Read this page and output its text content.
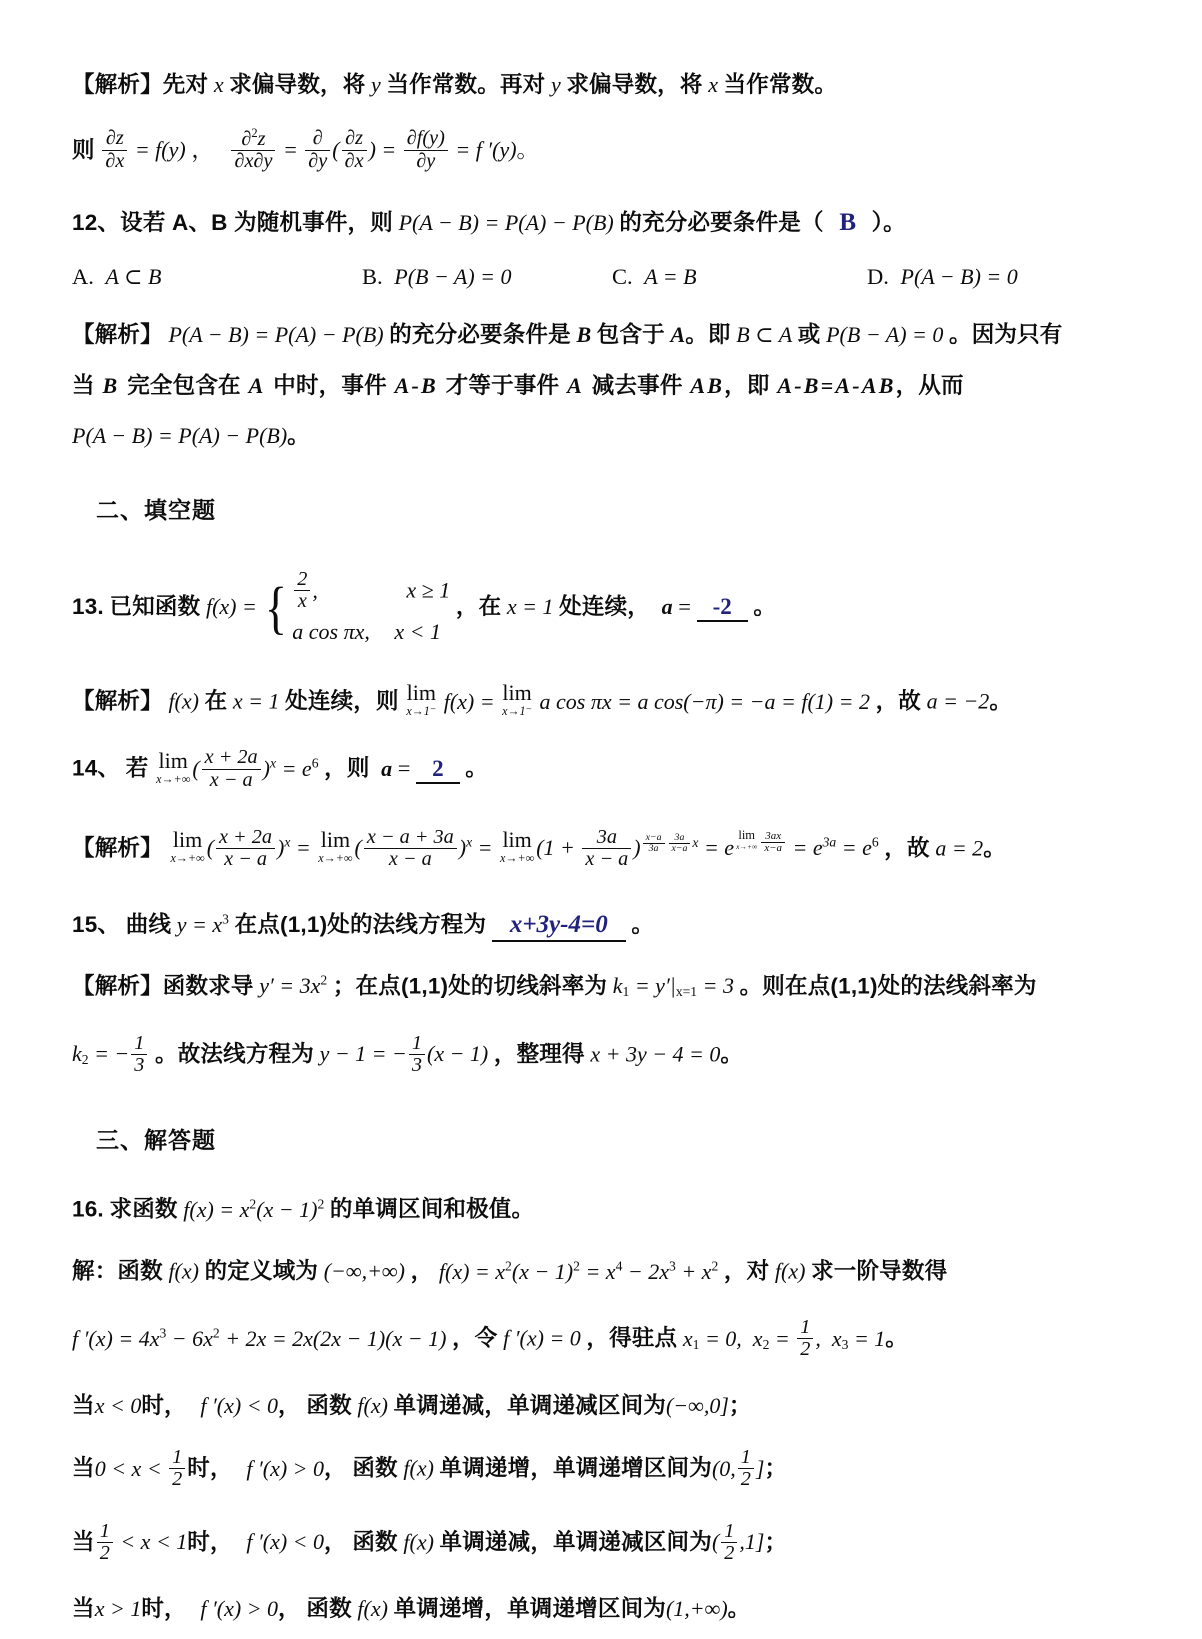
【解析】先对 x 求偏导数，将 y 当作常数。再对 y 求偏导数，将 x 当作常数。
则 $\frac{\partial z}{\partial x} = f(y)$ ， $\frac{\partial^2z}{\partial x\partial y} = \frac{\partial}{\partial y}$ ( $\frac{\partial z}{\partial x}$ ) = $\frac{\partial f(y)}{\partial y} = f$ ′(y)。
12、设若 A、B 为随机事件，则 P(A − B) = P(A) − P(B) 的充分必要条件是（ B ）。
A. A ⊂ B	B. P(B − A) = 0	C. A = B	D. P(A − B) = 0
【解析】 P(A − B) = P(A) − P(B) 的充分必要条件是 B 包含于 A。即 B ⊂ A 或 P(B − A) = 0 。因为只有
当 B 完全包含在 A 中时，事件 A-B 才等于事件 A 减去事件 AB，即 A-B=A-AB，从而
P(A − B) = P(A) − P(B)。
二、填空题
13. 已知函数 f(x) = { $\frac{2}{x}$ ,	x ≥ 1
a cos πx, x < 1
，在 x = 1 处连续， a = -2 。
【解析】 f(x) 在 x = 1 处连续，则 lim
x→1⁻ f(x) = lim
x→1⁻ a cos πx = a cos(−π) = −a = f(1) = 2 ，故 a = −2。
14、 若 lim
x→+∞ ( $\frac{x + 2a}{x - a} )^x = e^6$ ，则 a = 2 。
【解析】 lim
x→+∞ ( $\frac{x + 2a}{x - a} )^x = \lim$
x→+∞ ( $\frac{x - a + 3a}{x - a} )^x = \lim$
x→+∞ ($1 + \frac{3a}{x - a}$ ) $^{\frac{x-a}{3a} \frac{3a}{x-a} x}$ = e
$^{lim x\to+\infty \frac{3ax}{x-a}} = e^{3a} = e^6$ ，故 a = 2。
15、 曲线 $y = x^3$ 在点(1,1)处的法线方程为 x+3y-4=0 。
【解析】函数求导 $y' = 3x^2$ ；在点(1,1)处的切线斜率为 $k_1 = y'|_{x=1} = 3$ 。则在点(1,1)处的法线斜率为
$k_2$ = − $\frac{1}{3}$ 。故法线方程为 y − 1 = − $\frac{1}{3} (x - 1)$ ，整理得 x + 3y − 4 = 0。
三、解答题
16. 求函数 $f(x) = x^2(x - 1)^2$ 的单调区间和极值。
解：函数 f(x) 的定义域为 (−∞,+∞) ， $f(x) = x^2(x - 1)^2 = x^4 - 2x^3 + x^2$ ，对 f(x) 求一阶导数得
f $'(x) = 4x^3 - 6x^2 + 2x = 2x(2x - 1)(x - 1)$ ，令 f ′(x) = 0 ，得驻点 $x_1 = 0$,  $x_2 = \frac{1}{2}$ ,  $x_3 = 1$。
当x < 0时， f ′(x) < 0， 函数 f(x) 单调递减，单调递减区间为(−∞,0]；
当$0 < x < \frac{1}{2}$ 时， f ′(x) > 0， 函数 f(x) 单调递增，单调递增区间为(0, $\frac{1}{2}$ ]；
当 $\frac{1}{2} < x < 1$时， f ′(x) < 0， 函数 f(x) 单调递减，单调递减区间为( $\frac{1}{2} ,1$]；
当x > 1时， f ′(x) > 0， 函数 f(x) 单调递增，单调递增区间为(1,+∞)。
